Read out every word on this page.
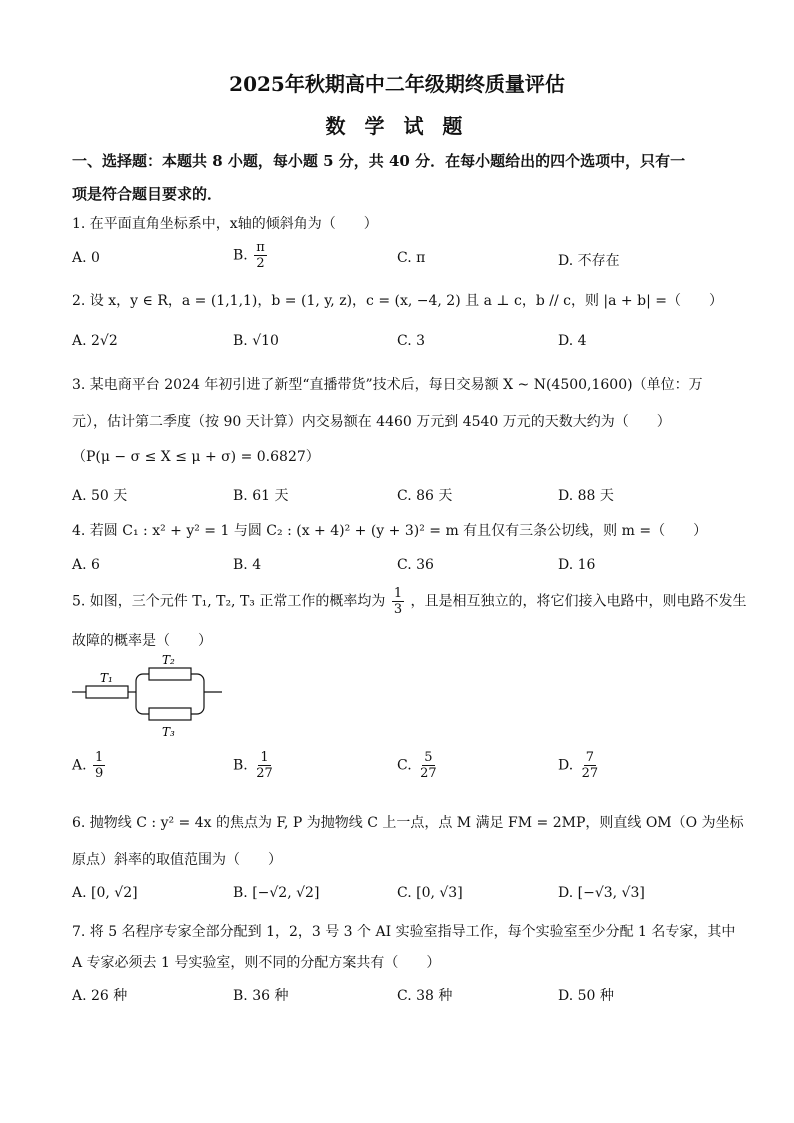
2025年秋期高中二年级期终质量评估
数 学 试 题
一、选择题：本题共 8 小题，每小题 5 分，共 40 分．在每小题给出的四个选项中，只有一
项是符合题目要求的．
1. 在平面直角坐标系中，x轴的倾斜角为（　　）
A. 0	B. $\frac{\pi}{2}$	C. π	D. 不存在
2. 设 x，y ∈ R，a = (1,1,1)，b = (1, y, z)，c = (x, −4, 2) 且 a ⊥ c，b // c，则 |a + b| =（　　）
A. 2√2	B. √10	C. 3	D. 4
3. 某电商平台 2024 年初引进了新型“直播带货”技术后，每日交易额 X ~ N(4500,1600)（单位：万
元），估计第二季度（按 90 天计算）内交易额在 4460 万元到 4540 万元的天数大约为（　　）
（P(μ − σ ≤ X ≤ μ + σ) = 0.6827）
A. 50 天	B. 61 天	C. 86 天	D. 88 天
4. 若圆 C₁ : x² + y² = 1 与圆 C₂ : (x + 4)² + (y + 3)² = m 有且仅有三条公切线，则 m =（　　）
A. 6	B. 4	C. 36	D. 16
5. 如图，三个元件 T₁, T₂, T₃ 正常工作的概率均为 $\frac{1}{3}$ ，且是相互独立的，将它们接入电路中，则电路不发生
故障的概率是（　　）
T₁
T₂
T₃
A. $\frac{1}{9}$	B. $\frac{1}{27}$	C. $\frac{5}{27}$	D. $\frac{7}{27}$
6. 抛物线 C : y² = 4x 的焦点为 F, P 为抛物线 C 上一点，点 M 满足 FM = 2MP，则直线 OM（O 为坐标
原点）斜率的取值范围为（　　）
A. [0, √2]	B. [−√2, √2]	C. [0, √3]	D. [−√3, √3]
7. 将 5 名程序专家全部分配到 1，2，3 号 3 个 AI 实验室指导工作，每个实验室至少分配 1 名专家，其中
A 专家必须去 1 号实验室，则不同的分配方案共有（　　）
A. 26 种	B. 36 种	C. 38 种	D. 50 种
